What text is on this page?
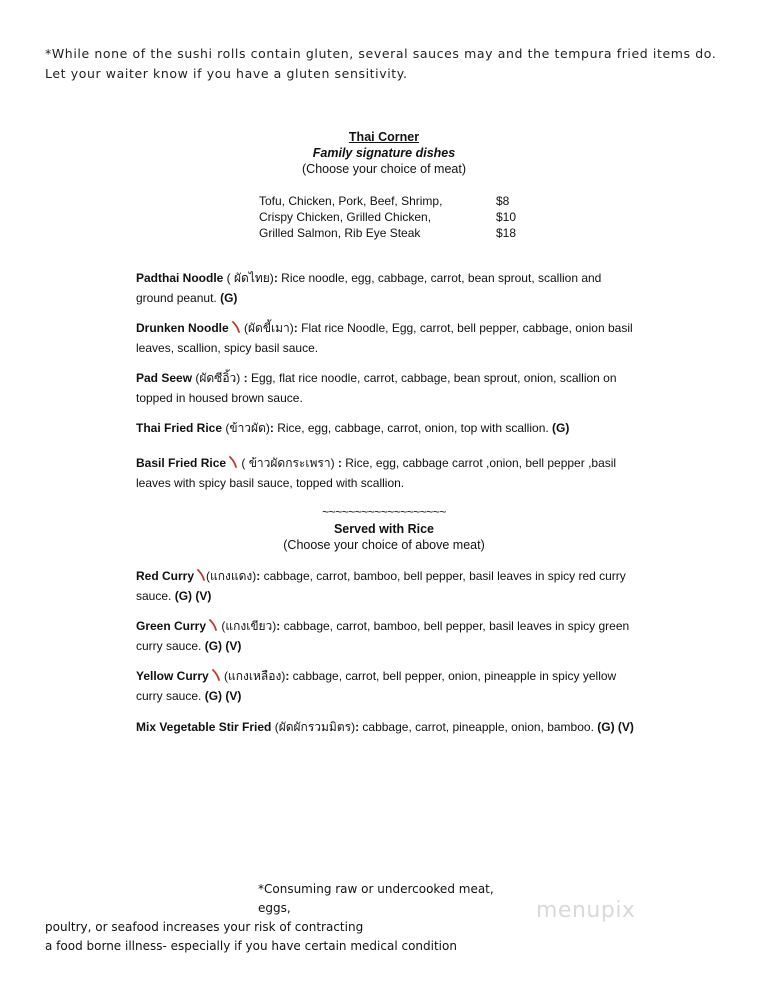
*While none of the sushi rolls contain gluten, several sauces may and the tempura fried items do. Let your waiter know if you have a gluten sensitivity.
Thai Corner
Family signature dishes
(Choose your choice of meat)
Tofu, Chicken, Pork, Beef, Shrimp,	$8
Crispy Chicken, Grilled Chicken,	$10
Grilled Salmon, Rib Eye Steak	$18
Padthai Noodle ( ผัดไทย): Rice noodle, egg, cabbage, carrot, bean sprout, scallion and ground peanut. (G)
Drunken Noodle (ผัดขี้เมา): Flat rice Noodle, Egg, carrot, bell pepper, cabbage, onion basil leaves, scallion, spicy basil sauce.
Pad Seew (ผัดซีอิ้ว) : Egg, flat rice noodle, carrot, cabbage, bean sprout, onion, scallion on topped in housed brown sauce.
Thai Fried Rice (ข้าวผัด): Rice, egg, cabbage, carrot, onion, top with scallion. (G)
Basil Fried Rice ( ข้าวผัดกระเพรา) : Rice, egg, cabbage carrot ,onion, bell pepper ,basil leaves with spicy basil sauce, topped with scallion.
~~~~~~~~~~~~~~~~~~~
Served with Rice
(Choose your choice of above meat)
Red Curry (แกงแดง): cabbage, carrot, bamboo, bell pepper, basil leaves in spicy red curry sauce. (G) (V)
Green Curry (แกงเขียว): cabbage, carrot, bamboo, bell pepper, basil leaves in spicy green curry sauce. (G) (V)
Yellow Curry (แกงเหลือง): cabbage, carrot, bell pepper, onion, pineapple in spicy yellow curry sauce. (G) (V)
Mix Vegetable Stir Fried (ผัดผักรวมมิตร): cabbage, carrot, pineapple, onion, bamboo. (G) (V)
*Consuming raw or undercooked meat, eggs,
poultry, or seafood increases your risk of contracting
a food borne illness- especially if you have certain medical condition
menupix
